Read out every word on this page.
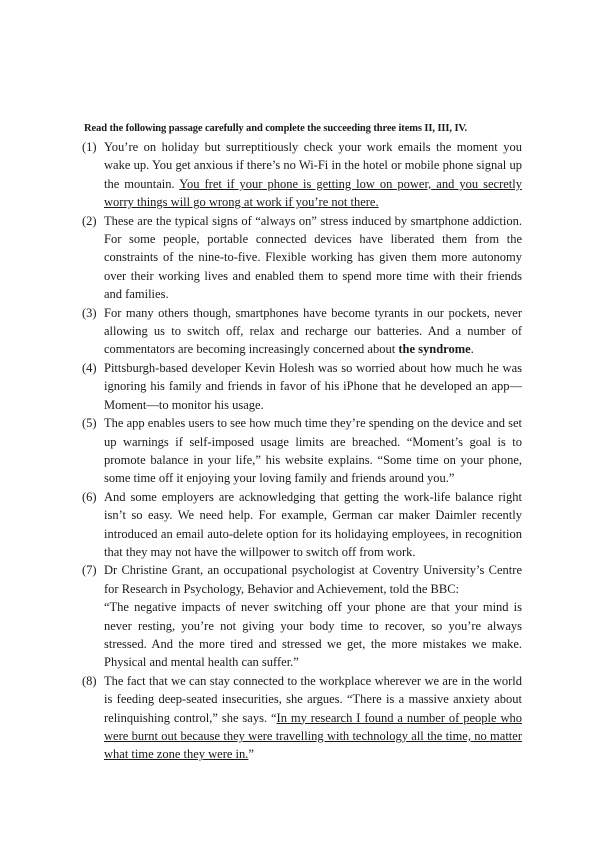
Read the following passage carefully and complete the succeeding three items II, III, IV.
(1) You’re on holiday but surreptitiously check your work emails the moment you wake up. You get anxious if there’s no Wi-Fi in the hotel or mobile phone signal up the mountain. You fret if your phone is getting low on power, and you secretly worry things will go wrong at work if you’re not there.
(2) These are the typical signs of “always on” stress induced by smartphone addiction. For some people, portable connected devices have liberated them from the constraints of the nine-to-five. Flexible working has given them more autonomy over their working lives and enabled them to spend more time with their friends and families.
(3) For many others though, smartphones have become tyrants in our pockets, never allowing us to switch off, relax and recharge our batteries. And a number of commentators are becoming increasingly concerned about the syndrome.
(4) Pittsburgh-based developer Kevin Holesh was so worried about how much he was ignoring his family and friends in favor of his iPhone that he developed an app—Moment—to monitor his usage.
(5) The app enables users to see how much time they’re spending on the device and set up warnings if self-imposed usage limits are breached. “Moment’s goal is to promote balance in your life,” his website explains. “Some time on your phone, some time off it enjoying your loving family and friends around you.”
(6) And some employers are acknowledging that getting the work-life balance right isn’t so easy. We need help. For example, German car maker Daimler recently introduced an email auto-delete option for its holidaying employees, in recognition that they may not have the willpower to switch off from work.
(7) Dr Christine Grant, an occupational psychologist at Coventry University’s Centre for Research in Psychology, Behavior and Achievement, told the BBC:
“The negative impacts of never switching off your phone are that your mind is never resting, you’re not giving your body time to recover, so you’re always stressed. And the more tired and stressed we get, the more mistakes we make. Physical and mental health can suffer.”
(8) The fact that we can stay connected to the workplace wherever we are in the world is feeding deep-seated insecurities, she argues. “There is a massive anxiety about relinquishing control,” she says. “In my research I found a number of people who were burnt out because they were travelling with technology all the time, no matter what time zone they were in.”
